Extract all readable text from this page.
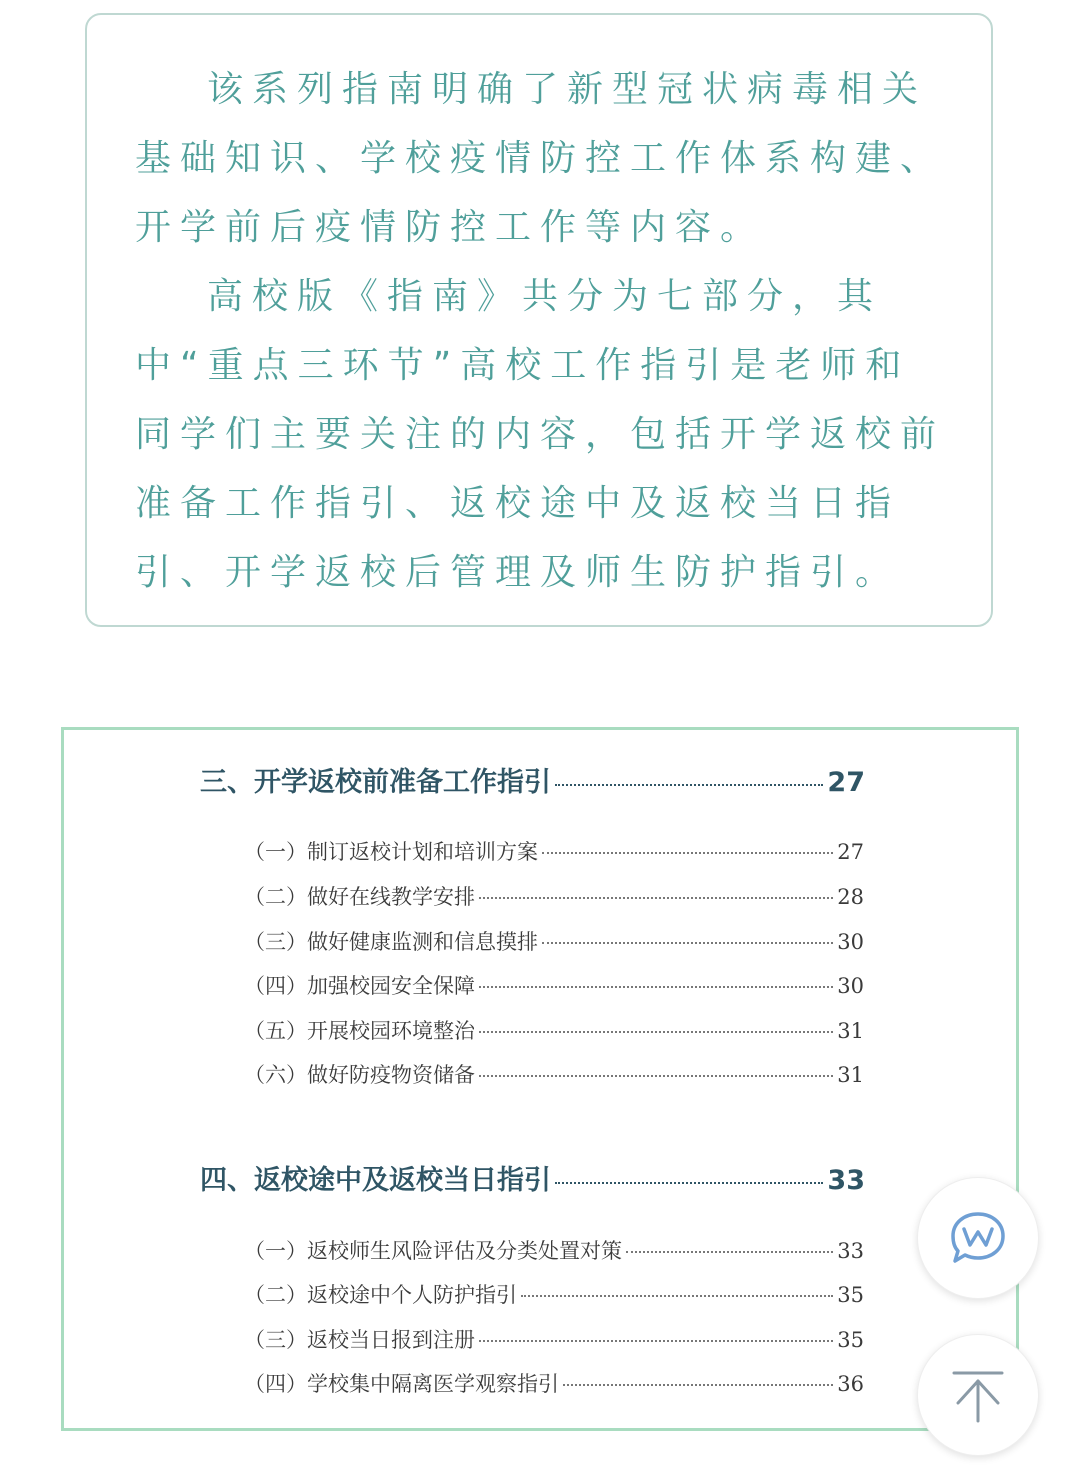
该系列指南明确了新型冠状病毒相关基础知识、学校疫情防控工作体系构建、开学前后疫情防控工作等内容。

高校版《指南》共分为七部分，其中“重点三环节”高校工作指引是老师和同学们主要关注的内容，包括开学返校前准备工作指引、返校途中及返校当日指引、开学返校后管理及师生防护指引。

三、开学返校前准备工作指引	27
（一）制订返校计划和培训方案	27
（二）做好在线教学安排	28
（三）做好健康监测和信息摸排	30
（四）加强校园安全保障	30
（五）开展校园环境整治	31
（六）做好防疫物资储备	31
四、返校途中及返校当日指引	33
（一）返校师生风险评估及分类处置对策	33
（二）返校途中个人防护指引	35
（三）返校当日报到注册	35
（四）学校集中隔离医学观察指引	36
